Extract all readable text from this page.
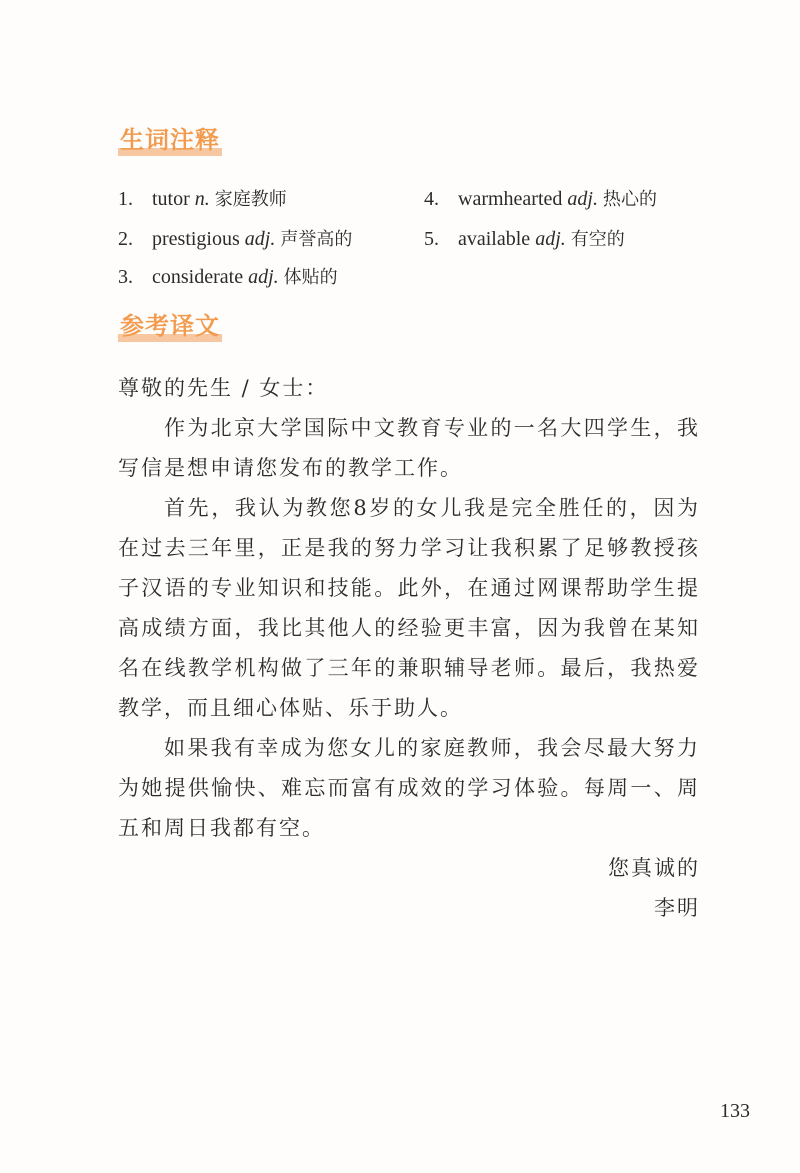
生词注释
1. tutor n. 家庭教师
2. prestigious adj. 声誉高的
3. considerate adj. 体贴的
4. warmhearted adj. 热心的
5. available adj. 有空的
参考译文

尊敬的先生 / 女士：

作为北京大学国际中文教育专业的一名大四学生，我写信是想申请您发布的教学工作。

首先，我认为教您8岁的女儿我是完全胜任的，因为在过去三年里，正是我的努力学习让我积累了足够教授孩子汉语的专业知识和技能。此外，在通过网课帮助学生提高成绩方面，我比其他人的经验更丰富，因为我曾在某知名在线教学机构做了三年的兼职辅导老师。最后，我热爱教学，而且细心体贴、乐于助人。

如果我有幸成为您女儿的家庭教师，我会尽最大努力为她提供愉快、难忘而富有成效的学习体验。每周一、周五和周日我都有空。

您真诚的

李明

133
